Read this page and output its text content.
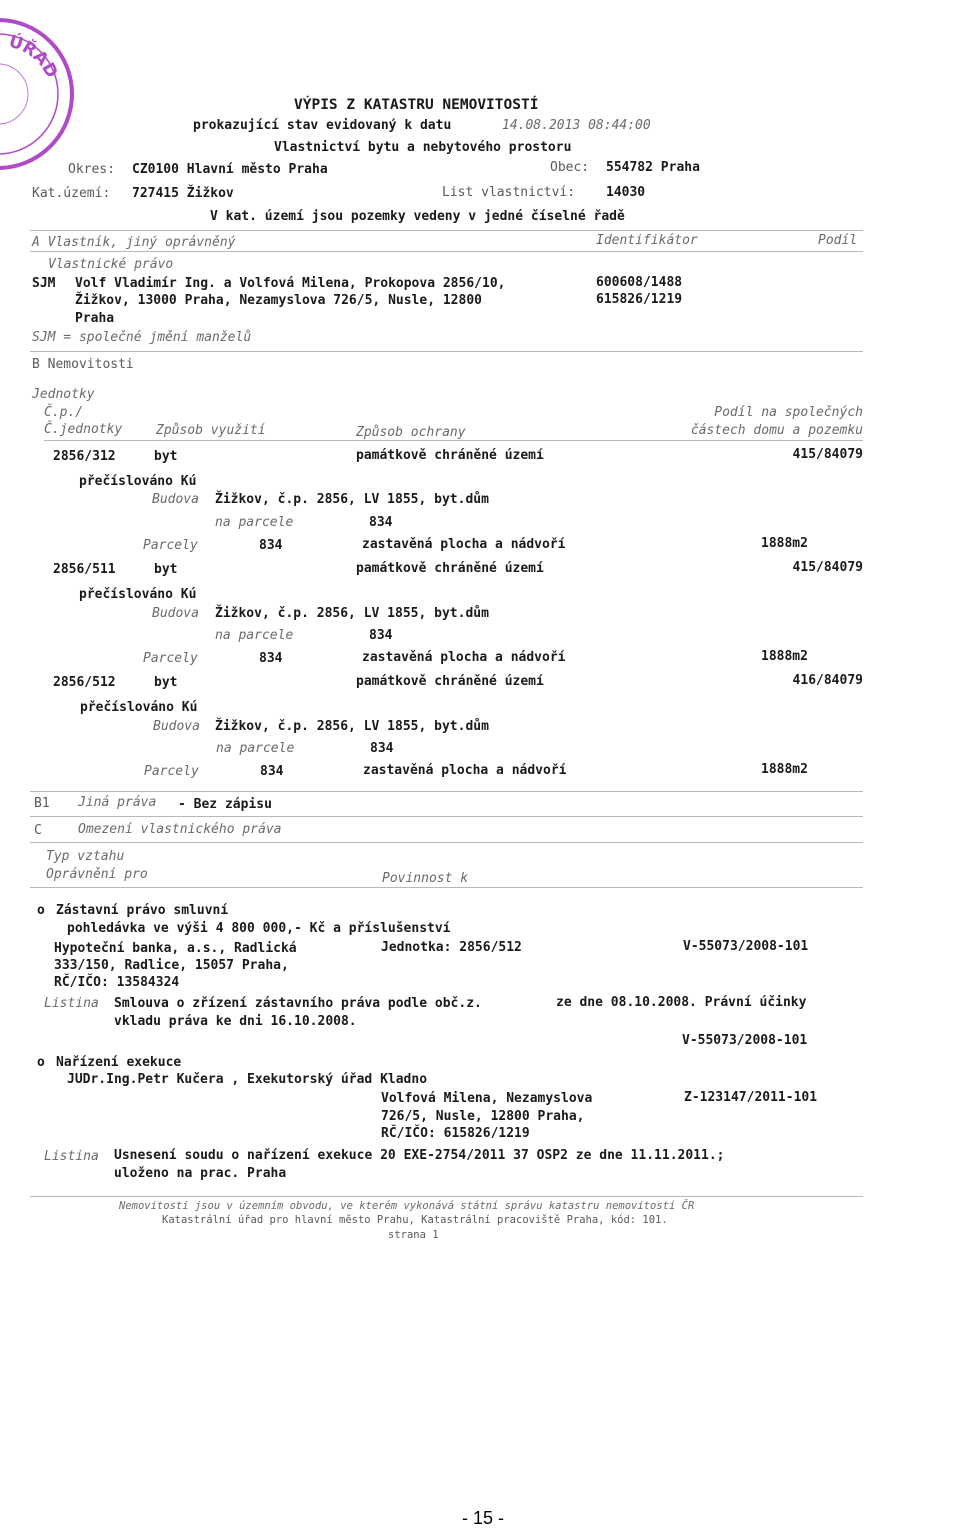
ÚŘAD
VÝPIS Z KATASTRU NEMOVITOSTÍ
prokazující stav evidovaný k datu	14.08.2013 08:44:00
Vlastnictví bytu a nebytového prostoru
Okres: CZ0100 Hlavní město Praha	Obec: 554782 Praha
Kat.území: 727415 Žižkov	List vlastnictví: 14030
V kat. území jsou pozemky vedeny v jedné číselné řadě
A Vlastník, jiný oprávněný	Identifikátor	Podíl
Vlastnické právo
SJM Volf Vladimír Ing. a Volfová Milena, Prokopova 2856/10,
Žižkov, 13000 Praha, Nezamyslova 726/5, Nusle, 12800
Praha
600608/1488
615826/1219
SJM = společné jmění manželů
B Nemovitosti
Jednotky
Č.p./
Č.jednotky	Způsob využití	Způsob ochrany
Podíl na společných
částech domu a pozemku
2856/312	byt	památkově chráněné území	415/84079
přečíslováno Kú
Budova Žižkov, č.p. 2856, LV 1855, byt.dům
na parcele	834
Parcely	834	zastavěná plocha a nádvoří	1888m2
2856/511	byt	památkově chráněné území	415/84079
přečíslováno Kú
Budova Žižkov, č.p. 2856, LV 1855, byt.dům
na parcele	834
Parcely	834	zastavěná plocha a nádvoří	1888m2
2856/512	byt	památkově chráněné území	416/84079
přečíslováno Kú
Budova Žižkov, č.p. 2856, LV 1855, byt.dům
na parcele	834
Parcely	834	zastavěná plocha a nádvoří	1888m2
B1 Jiná práva - Bez zápisu
C	Omezení vlastnického práva
Typ vztahu
Oprávnění pro	Povinnost k
o Zástavní právo smluvní
pohledávka ve výši 4 800 000,- Kč a příslušenství
Hypoteční banka, a.s., Radlická
333/150, Radlice, 15057 Praha,
RČ/IČO: 13584324
Jednotka: 2856/512	V-55073/2008-101
Listina Smlouva o zřízení zástavního práva podle obč.z.	ze dne 08.10.2008. Právní účinky
vkladu práva ke dni 16.10.2008.
V-55073/2008-101
o Nařízení exekuce
JUDr.Ing.Petr Kučera , Exekutorský úřad Kladno
Volfová Milena, Nezamyslova
726/5, Nusle, 12800 Praha,
RČ/IČO: 615826/1219
Z-123147/2011-101
Listina Usnesení soudu o nařízení exekuce 20 EXE-2754/2011 37 OSP2 ze dne 11.11.2011.;
uloženo na prac. Praha
Nemovitosti jsou v územním obvodu, ve kterém vykonává státní správu katastru nemovitostí ČR
Katastrální úřad pro hlavní město Prahu, Katastrální pracoviště Praha, kód: 101.
strana 1
- 15 -
